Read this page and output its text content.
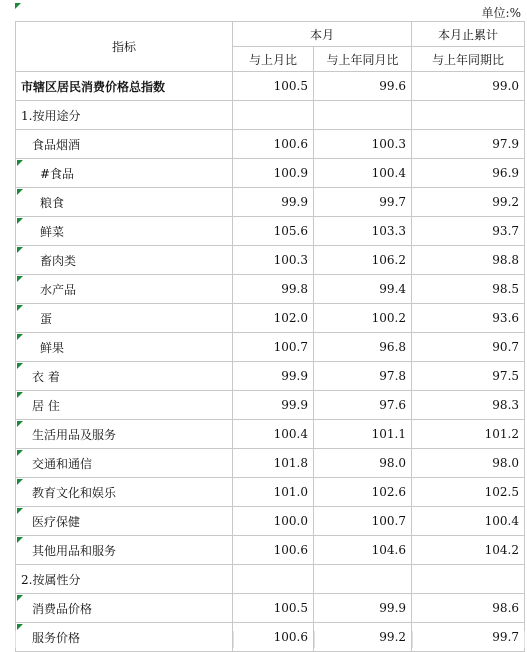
单位:%
指标	本月		本月止累计
	与上月比	与上年同月比	与上年同期比
市辖区居民消费价格总指数	100.5	99.6	99.0
1.按用途分			
食品烟酒	100.6	100.3	97.9

#食品	100.9	100.4	96.9

粮食	99.9	99.7	99.2

鲜菜	105.6	103.3	93.7

畜肉类	100.3	106.2	98.8

水产品	99.8	99.4	98.5

蛋	102.0	100.2	93.6

鲜果	100.7	96.8	90.7

衣 着	99.9	97.8	97.5

居 住	99.9	97.6	98.3

生活用品及服务	100.4	101.1	101.2

交通和通信	101.8	98.0	98.0

教育文化和娱乐	101.0	102.6	102.5

医疗保健	100.0	100.7	100.4

其他用品和服务	100.6	104.6	104.2
2.按属性分			

消费品价格	100.5	99.9	98.6

服务价格	100.6	99.2	99.7
